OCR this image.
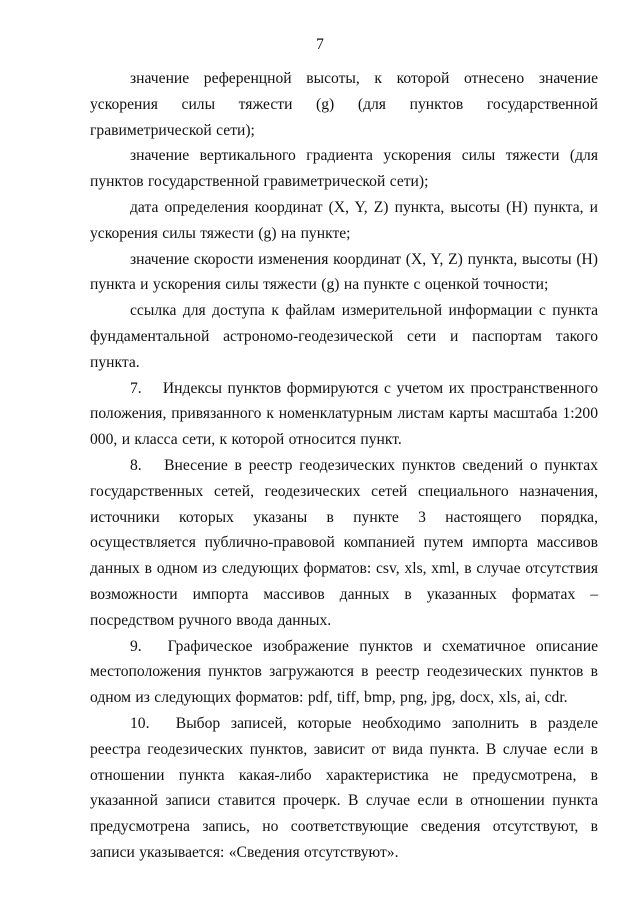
7

значение референцной высоты, к которой отнесено значение ускорения силы тяжести (g) (для пунктов государственной гравиметрической сети);

значение вертикального градиента ускорения силы тяжести (для пунктов государственной гравиметрической сети);

дата определения координат (X, Y, Z) пункта, высоты (H) пункта, и ускорения силы тяжести (g) на пункте;

значение скорости изменения координат (X, Y, Z) пункта, высоты (H) пункта и ускорения силы тяжести (g) на пункте с оценкой точности;

ссылка для доступа к файлам измерительной информации с пункта фундаментальной астрономо-геодезической сети и паспортам такого пункта.

7.  Индексы пунктов формируются с учетом их пространственного положения, привязанного к номенклатурным листам карты масштаба 1:200 000, и класса сети, к которой относится пункт.

8.  Внесение в реестр геодезических пунктов сведений о пунктах государственных сетей, геодезических сетей специального назначения, источники которых указаны в пункте 3 настоящего порядка, осуществляется публично-правовой компанией путем импорта массивов данных в одном из следующих форматов: csv, xls, xml, в случае отсутствия возможности импорта массивов данных в указанных форматах – посредством ручного ввода данных.

9.  Графическое изображение пунктов и схематичное описание местоположения пунктов загружаются в реестр геодезических пунктов в одном из следующих форматов: pdf, tiff, bmp, png, jpg, docx, xls, ai, cdr.

10.  Выбор записей, которые необходимо заполнить в разделе реестра геодезических пунктов, зависит от вида пункта. В случае если в отношении пункта какая-либо характеристика не предусмотрена, в указанной записи ставится прочерк. В случае если в отношении пункта предусмотрена запись, но соответствующие сведения отсутствуют, в записи указывается: «Сведения отсутствуют».
